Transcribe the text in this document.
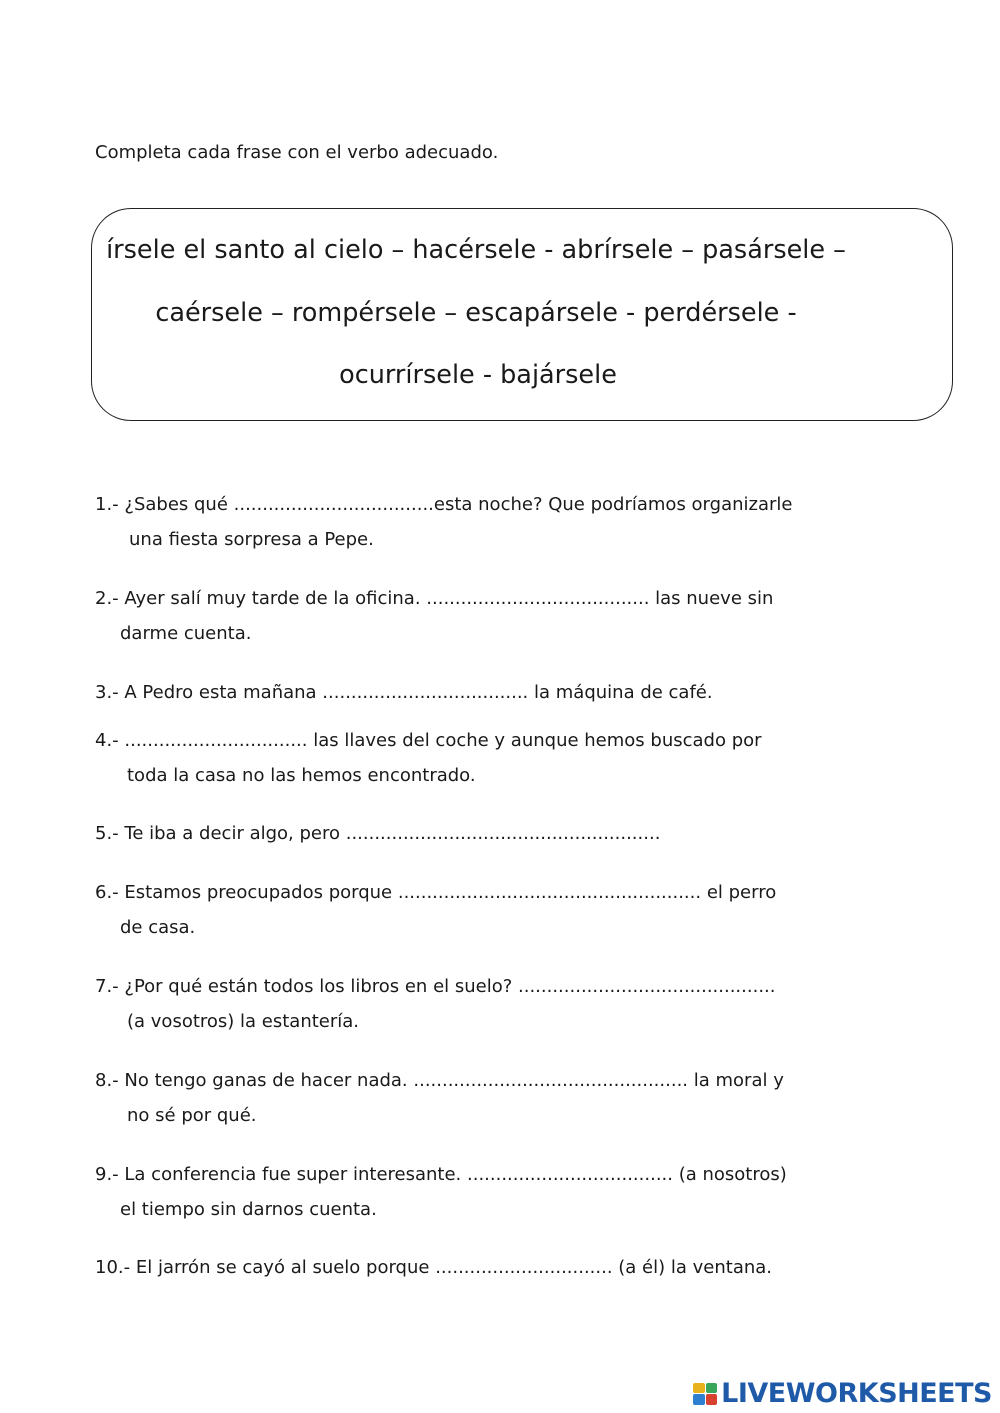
Completa cada frase con el verbo adecuado.

írsele el santo al cielo – hacérsele - abrírsele – pasársele –
caérsele – rompérsele – escapársele - perdérsele -
ocurrírsele - bajársele
1.- ¿Sabes qué ...................................esta noche? Que podríamos organizarle
una fiesta sorpresa a Pepe.
2.- Ayer salí muy tarde de la oficina. ....................................... las nueve sin
darme cuenta.
3.- A Pedro esta mañana .................................... la máquina de café.
4.- ................................ las llaves del coche y aunque hemos buscado por
toda la casa no las hemos encontrado.
5.- Te iba a decir algo, pero .......................................................
6.- Estamos preocupados porque ..................................................... el perro
de casa.
7.- ¿Por qué están todos los libros en el suelo? .............................................
(a vosotros) la estantería.
8.- No tengo ganas de hacer nada. ................................................ la moral y
no sé por qué.
9.- La conferencia fue super interesante. .................................... (a nosotros)
el tiempo sin darnos cuenta.
10.- El jarrón se cayó al suelo porque ............................... (a él) la ventana.
LIVEWORKSHEETS
